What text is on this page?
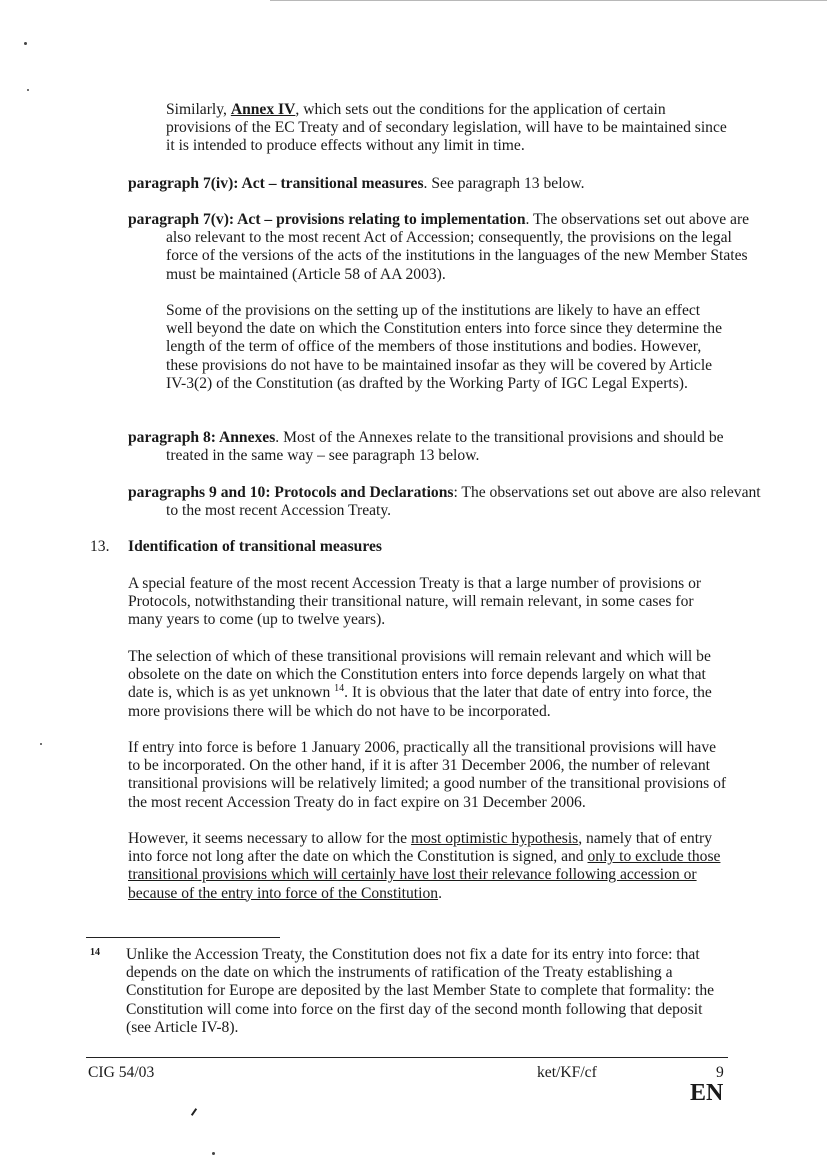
Similarly, Annex IV, which sets out the conditions for the application of certain provisions of the EC Treaty and of secondary legislation, will have to be maintained since it is intended to produce effects without any limit in time.

paragraph 7(iv): Act – transitional measures. See paragraph 13 below.

paragraph 7(v): Act – provisions relating to implementation. The observations set out above are also relevant to the most recent Act of Accession; consequently, the provisions on the legal force of the versions of the acts of the institutions in the languages of the new Member States must be maintained (Article 58 of AA 2003).

Some of the provisions on the setting up of the institutions are likely to have an effect well beyond the date on which the Constitution enters into force since they determine the length of the term of office of the members of those institutions and bodies. However, these provisions do not have to be maintained insofar as they will be covered by Article IV-3(2) of the Constitution (as drafted by the Working Party of IGC Legal Experts).

paragraph 8: Annexes. Most of the Annexes relate to the transitional provisions and should be treated in the same way – see paragraph 13 below.

paragraphs 9 and 10: Protocols and Declarations: The observations set out above are also relevant to the most recent Accession Treaty.

13. Identification of transitional measures

A special feature of the most recent Accession Treaty is that a large number of provisions or Protocols, notwithstanding their transitional nature, will remain relevant, in some cases for many years to come (up to twelve years).

The selection of which of these transitional provisions will remain relevant and which will be obsolete on the date on which the Constitution enters into force depends largely on what that date is, which is as yet unknown $^{14}$. It is obvious that the later that date of entry into force, the more provisions there will be which do not have to be incorporated.

If entry into force is before 1 January 2006, practically all the transitional provisions will have to be incorporated. On the other hand, if it is after 31 December 2006, the number of relevant transitional provisions will be relatively limited; a good number of the transitional provisions of the most recent Accession Treaty do in fact expire on 31 December 2006.

However, it seems necessary to allow for the most optimistic hypothesis, namely that of entry into force not long after the date on which the Constitution is signed, and only to exclude those transitional provisions which will certainly have lost their relevance following accession or because of the entry into force of the Constitution.

14 Unlike the Accession Treaty, the Constitution does not fix a date for its entry into force: that depends on the date on which the instruments of ratification of the Treaty establishing a Constitution for Europe are deposited by the last Member State to complete that formality: the Constitution will come into force on the first day of the second month following that deposit (see Article IV-8).

CIG 54/03	ket/KF/cf	9
EN
